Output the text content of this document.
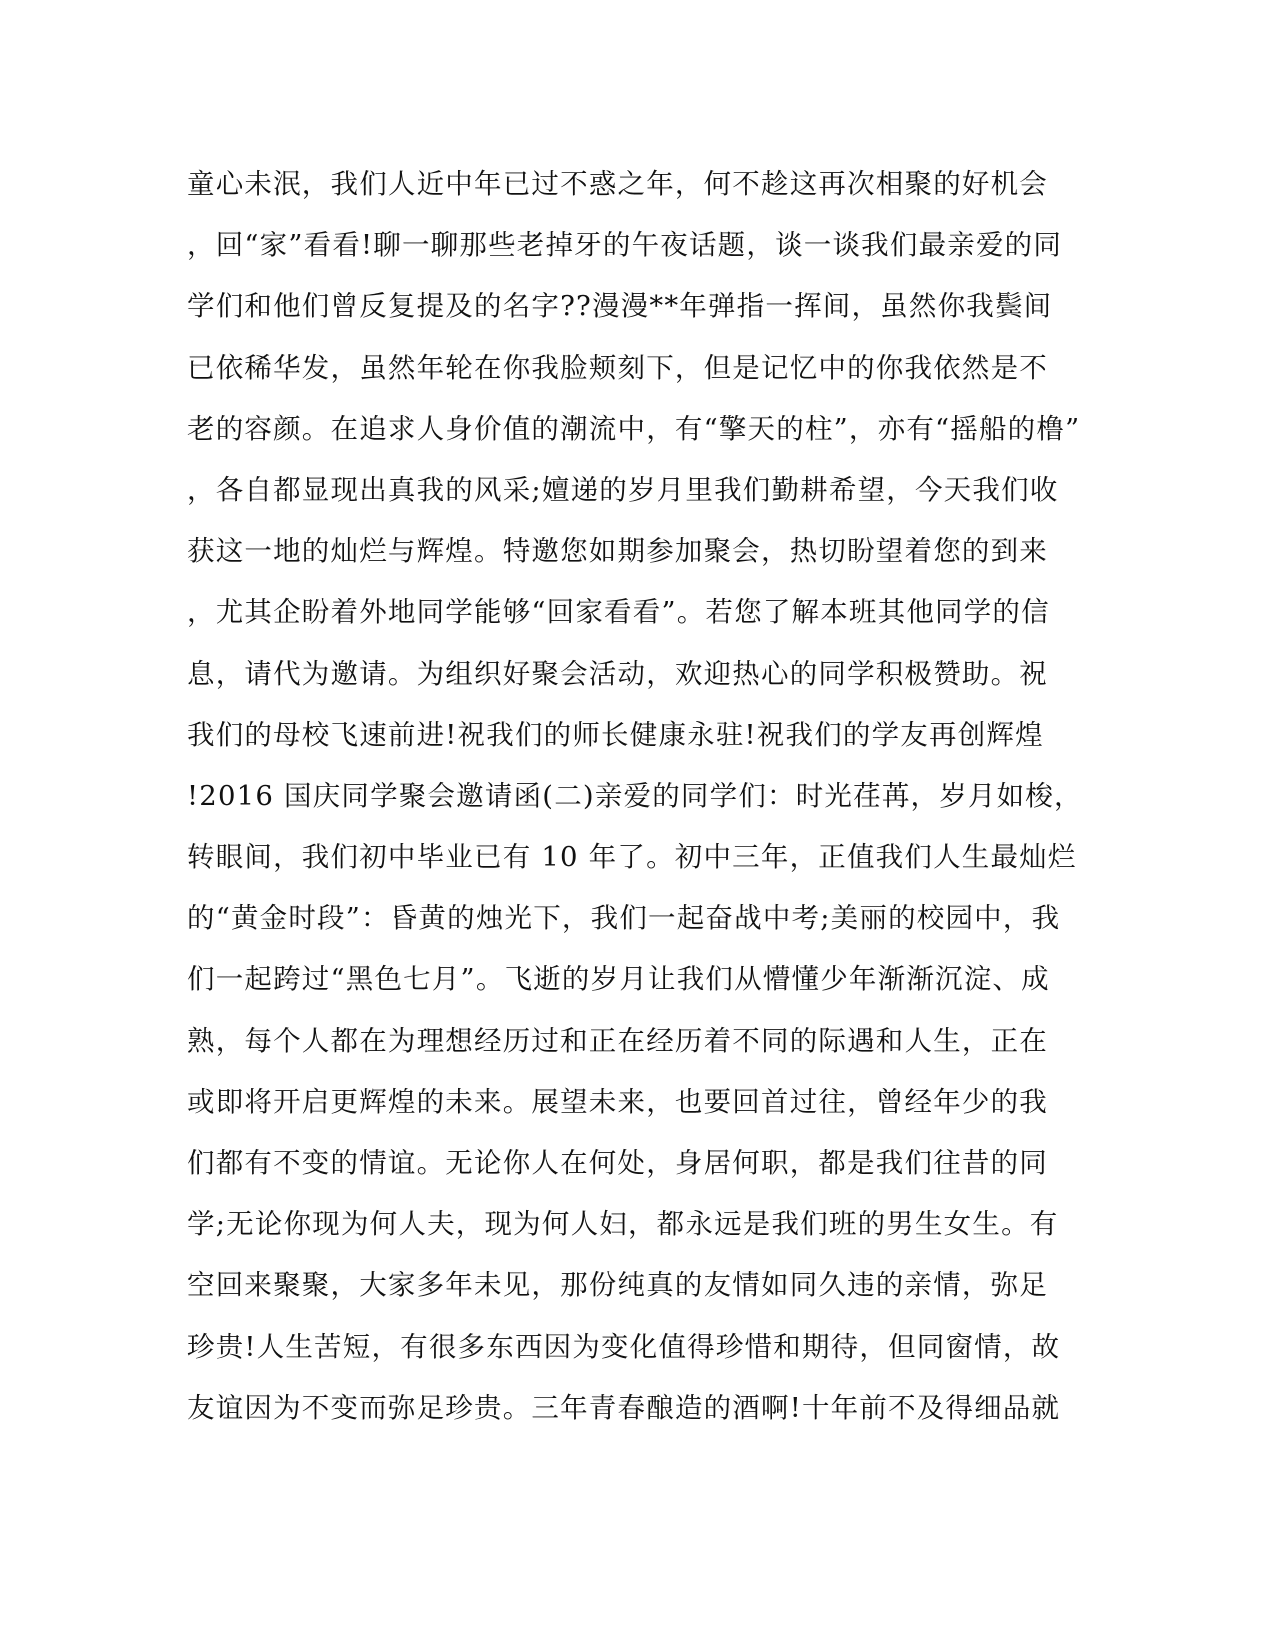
童心未泯，我们人近中年已过不惑之年，何不趁这再次相聚的好机会
，回“家”看看!聊一聊那些老掉牙的午夜话题，谈一谈我们最亲爱的同
学们和他们曾反复提及的名字??漫漫**年弹指一挥间，虽然你我鬓间
已依稀华发，虽然年轮在你我脸颊刻下，但是记忆中的你我依然是不
老的容颜。在追求人身价值的潮流中，有“擎天的柱”，亦有“摇船的橹”
，各自都显现出真我的风采;嬗递的岁月里我们勤耕希望，今天我们收
获这一地的灿烂与辉煌。特邀您如期参加聚会，热切盼望着您的到来
，尤其企盼着外地同学能够“回家看看”。若您了解本班其他同学的信
息，请代为邀请。为组织好聚会活动，欢迎热心的同学积极赞助。祝
我们的母校飞速前进!祝我们的师长健康永驻!祝我们的学友再创辉煌
!2016 国庆同学聚会邀请函(二)亲爱的同学们：时光荏苒，岁月如梭，
转眼间，我们初中毕业已有 10 年了。初中三年，正值我们人生最灿烂
的“黄金时段”：昏黄的烛光下，我们一起奋战中考;美丽的校园中，我
们一起跨过“黑色七月”。飞逝的岁月让我们从懵懂少年渐渐沉淀、成
熟，每个人都在为理想经历过和正在经历着不同的际遇和人生，正在
或即将开启更辉煌的未来。展望未来，也要回首过往，曾经年少的我
们都有不变的情谊。无论你人在何处，身居何职，都是我们往昔的同
学;无论你现为何人夫，现为何人妇，都永远是我们班的男生女生。有
空回来聚聚，大家多年未见，那份纯真的友情如同久违的亲情，弥足
珍贵!人生苦短，有很多东西因为变化值得珍惜和期待，但同窗情，故
友谊因为不变而弥足珍贵。三年青春酿造的酒啊!十年前不及得细品就
